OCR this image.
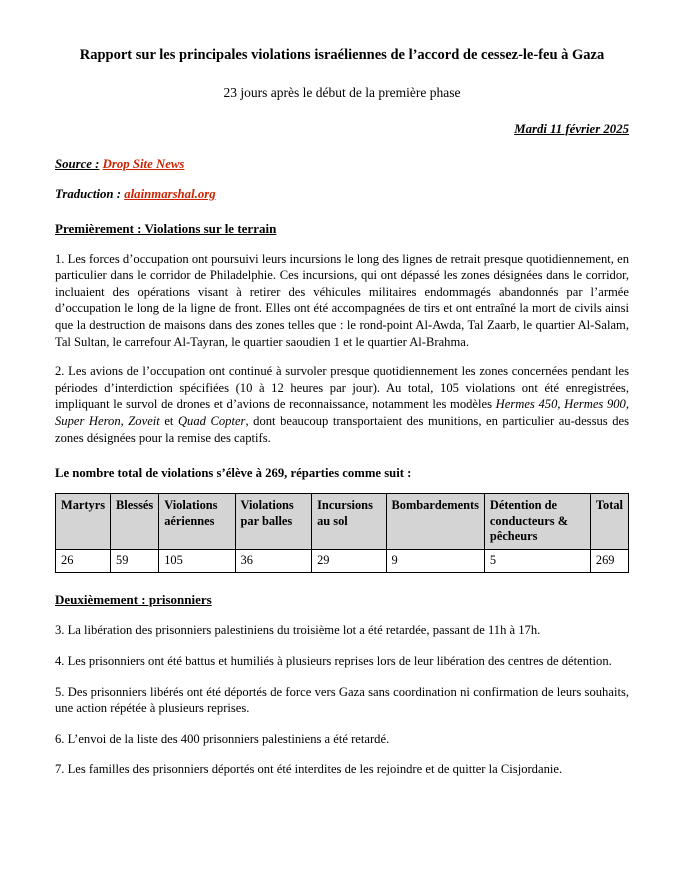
Rapport sur les principales violations israéliennes de l’accord de cessez-le-feu à Gaza
23 jours après le début de la première phase
Mardi 11 février 2025
Source : Drop Site News
Traduction : alainmarshal.org
Premièrement : Violations sur le terrain

1. Les forces d’occupation ont poursuivi leurs incursions le long des lignes de retrait presque quotidiennement, en particulier dans le corridor de Philadelphie. Ces incursions, qui ont dépassé les zones désignées dans le corridor, incluaient des opérations visant à retirer des véhicules militaires endommagés abandonnés par l’armée d’occupation le long de la ligne de front. Elles ont été accompagnées de tirs et ont entraîné la mort de civils ainsi que la destruction de maisons dans des zones telles que : le rond-point Al-Awda, Tal Zaarb, le quartier Al-Salam, Tal Sultan, le carrefour Al-Tayran, le quartier saoudien 1 et le quartier Al-Brahma.

2. Les avions de l’occupation ont continué à survoler presque quotidiennement les zones concernées pendant les périodes d’interdiction spécifiées (10 à 12 heures par jour). Au total, 105 violations ont été enregistrées, impliquant le survol de drones et d’avions de reconnaissance, notamment les modèles Hermes 450, Hermes 900, Super Heron, Zoveit et Quad Copter, dont beaucoup transportaient des munitions, en particulier au-dessus des zones désignées pour la remise des captifs.

Le nombre total de violations s’élève à 269, réparties comme suit :
Martyrs	Blessés	Violations aériennes	Violations par balles	Incursions au sol	Bombardements	Détention de conducteurs & pêcheurs	Total
26	59	105	36	29	9	5	269
Deuxièmement : prisonniers

3. La libération des prisonniers palestiniens du troisième lot a été retardée, passant de 11h à 17h.

4. Les prisonniers ont été battus et humiliés à plusieurs reprises lors de leur libération des centres de détention.

5. Des prisonniers libérés ont été déportés de force vers Gaza sans coordination ni confirmation de leurs souhaits, une action répétée à plusieurs reprises.

6. L’envoi de la liste des 400 prisonniers palestiniens a été retardé.

7. Les familles des prisonniers déportés ont été interdites de les rejoindre et de quitter la Cisjordanie.
